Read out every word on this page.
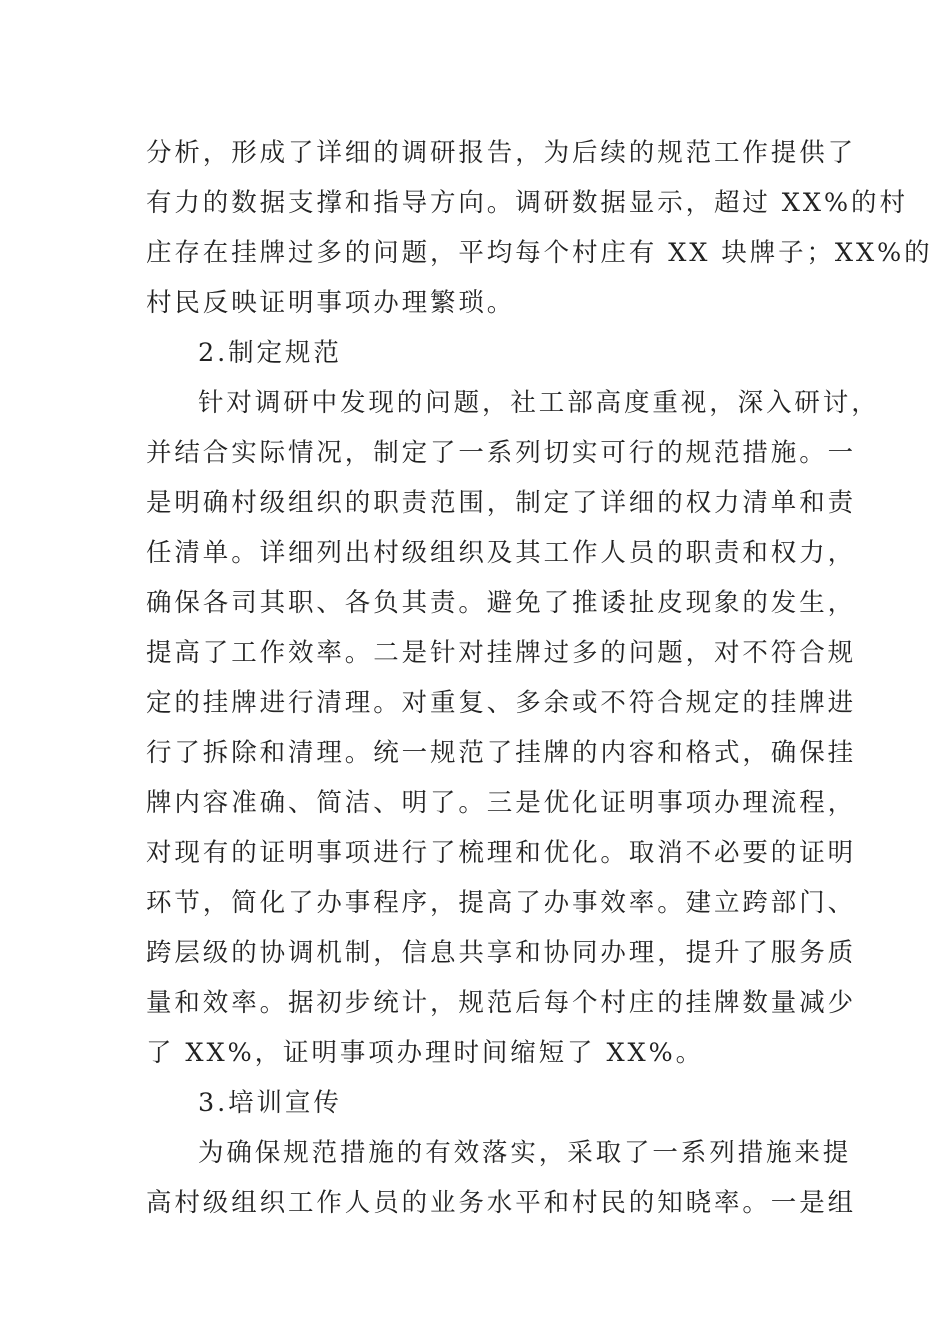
分析，形成了详细的调研报告，为后续的规范工作提供了
有力的数据支撑和指导方向。调研数据显示，超过 XX%的村
庄存在挂牌过多的问题，平均每个村庄有 XX 块牌子；XX%的
村民反映证明事项办理繁琐。
2.制定规范
针对调研中发现的问题，社工部高度重视，深入研讨，
并结合实际情况，制定了一系列切实可行的规范措施。一
是明确村级组织的职责范围，制定了详细的权力清单和责
任清单。详细列出村级组织及其工作人员的职责和权力，
确保各司其职、各负其责。避免了推诿扯皮现象的发生，
提高了工作效率。二是针对挂牌过多的问题，对不符合规
定的挂牌进行清理。对重复、多余或不符合规定的挂牌进
行了拆除和清理。统一规范了挂牌的内容和格式，确保挂
牌内容准确、简洁、明了。三是优化证明事项办理流程，
对现有的证明事项进行了梳理和优化。取消不必要的证明
环节，简化了办事程序，提高了办事效率。建立跨部门、
跨层级的协调机制，信息共享和协同办理，提升了服务质
量和效率。据初步统计，规范后每个村庄的挂牌数量减少
了 XX%，证明事项办理时间缩短了 XX%。
3.培训宣传
为确保规范措施的有效落实，采取了一系列措施来提
高村级组织工作人员的业务水平和村民的知晓率。一是组
